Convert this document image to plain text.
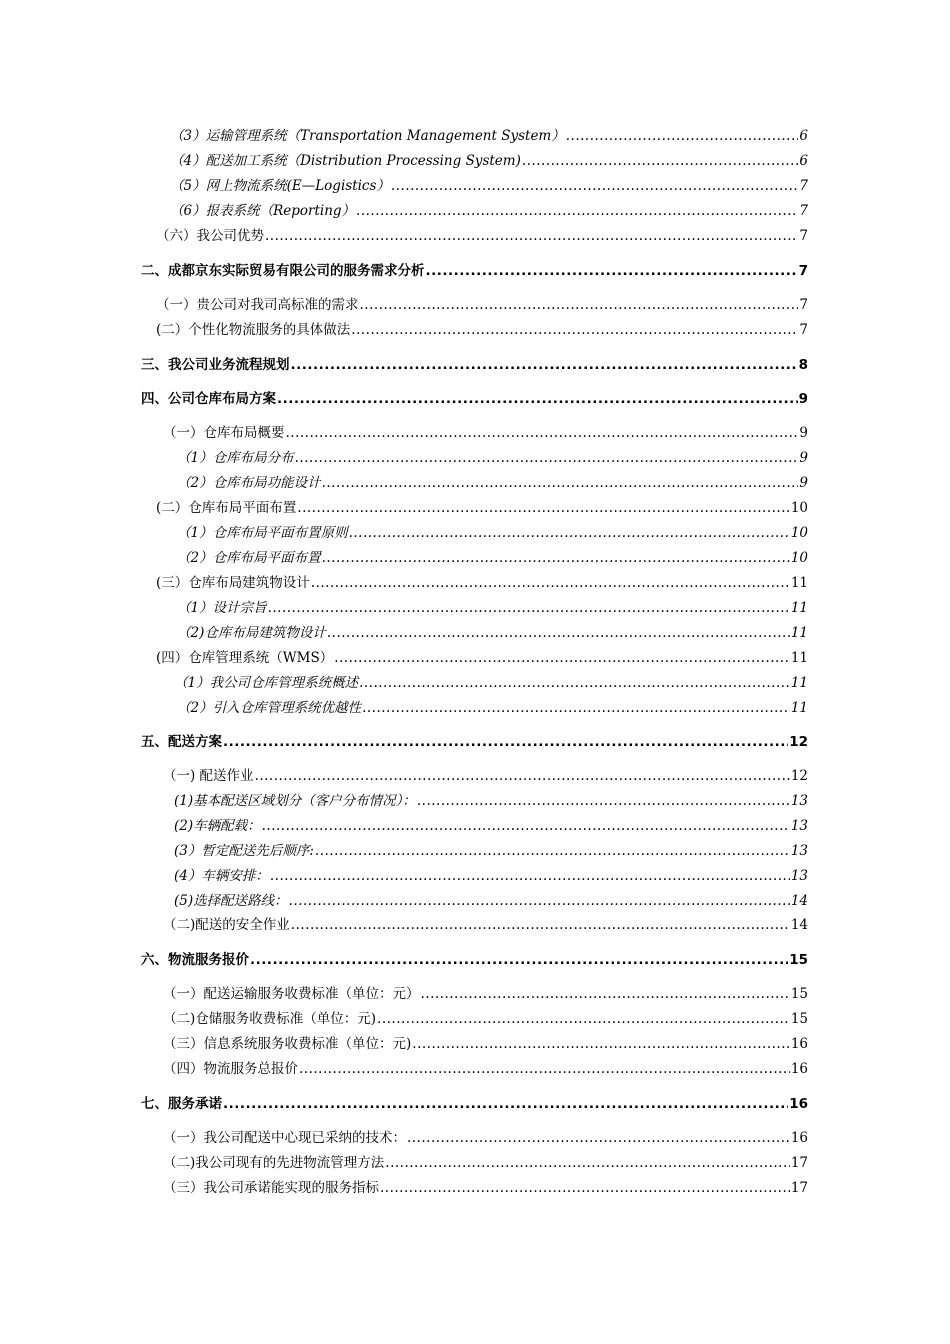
（3）运输管理系统（Transportation Management System） .....	6
（4）配送加工系统（Distribution Processing System) .....	6
（5）网上物流系统(E—Logistics） .....	7
（6）报表系统（Reporting） .....	7
（六）我公司优势 .....	7
二、成都京东实际贸易有限公司的服务需求分析 .....	7
（一）贵公司对我司高标准的需求 .....	7
(二）个性化物流服务的具体做法 .....	7
三、我公司业务流程规划 .....	8
四、公司仓库布局方案 .....	9
（一）仓库布局概要 .....	9
（1）仓库布局分布 .....	9
（2）仓库布局功能设计 .....	9
(二）仓库布局平面布置 .....	10
（1）仓库布局平面布置原则 .....	10
（2）仓库布局平面布置 .....	10
(三）仓库布局建筑物设计 .....	11
（1）设计宗旨 .....	11
（2)仓库布局建筑物设计 .....	11
(四）仓库管理系统（WMS） .....	11
（1）我公司仓库管理系统概述 .....	11
（2）引入仓库管理系统优越性 .....	11
五、配送方案 .....	12
（一) 配送作业 .....	12
(1)基本配送区域划分（客户分布情况）： .....	13
(2)车辆配载： .....	13
(3）暂定配送先后顺序: .....	13
(4）车辆安排： .....	13
(5)选择配送路线： .....	14
（二)配送的安全作业 .....	14
六、物流服务报价 .....	15
（一）配送运输服务收费标准（单位：元） .....	15
（二)仓储服务收费标准（单位：元) .....	15
（三）信息系统服务收费标准（单位：元) .....	16
（四）物流服务总报价 .....	16
七、服务承诺 .....	16
（一）我公司配送中心现已采纳的技术： .....	16
（二)我公司现有的先进物流管理方法 .....	17
（三）我公司承诺能实现的服务指标 .....	17
